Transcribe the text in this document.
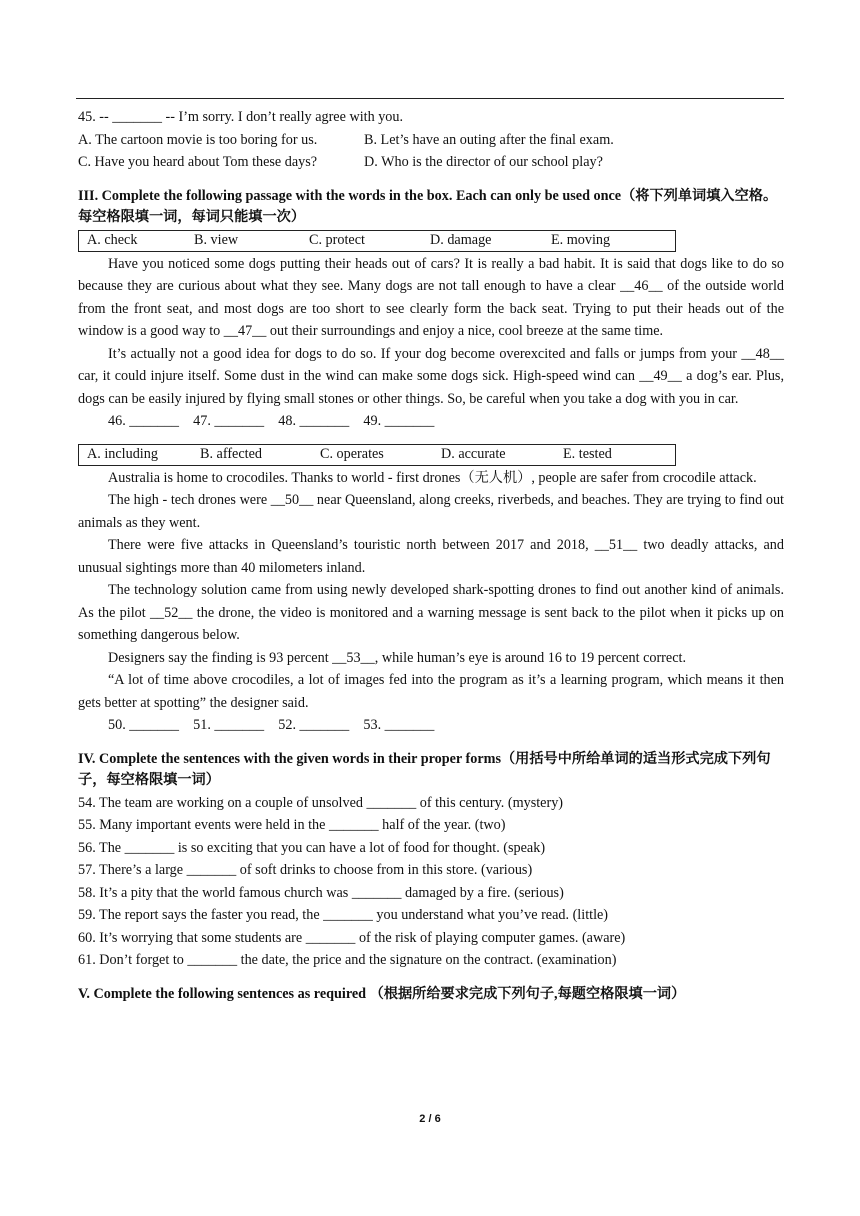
45. -- _______ -- I’m sorry. I don’t really agree with you.
A. The cartoon movie is too boring for us.	B. Let’s have an outing after the final exam.
C. Have you heard about Tom these days?	D. Who is the director of our school play?
III. Complete the following passage with the words in the box. Each can only be used once（将下列单词填入空格。每空格限填一词，每词只能填一次）
A. check	B. view	C. protect	D. damage	E. moving
Have you noticed some dogs putting their heads out of cars? It is really a bad habit. It is said that dogs like to do so because they are curious about what they see. Many dogs are not tall enough to have a clear __46__ of the outside world from the front seat, and most dogs are too short to see clearly form the back seat. Trying to put their heads out of the window is a good way to __47__ out their surroundings and enjoy a nice, cool breeze at the same time.
It’s actually not a good idea for dogs to do so. If your dog become overexcited and falls or jumps from your __48__ car, it could injure itself. Some dust in the wind can make some dogs sick. High-speed wind can __49__ a dog’s ear. Plus, dogs can be easily injured by flying small stones or other things. So, be careful when you take a dog with you in car.
46. _______    47. _______    48. _______    49. _______
A. including	B. affected	C. operates	D. accurate	E. tested
Australia is home to crocodiles. Thanks to world - first drones（无人机）, people are safer from crocodile attack.
The high - tech drones were __50__ near Queensland, along creeks, riverbeds, and beaches. They are trying to find out animals as they went.
There were five attacks in Queensland’s touristic north between 2017 and 2018, __51__ two deadly attacks, and unusual sightings more than 40 milometers inland.
The technology solution came from using newly developed shark-spotting drones to find out another kind of animals. As the pilot __52__ the drone, the video is monitored and a warning message is sent back to the pilot when it picks up on something dangerous below.
Designers say the finding is 93 percent __53__, while human’s eye is around 16 to 19 percent correct.
“A lot of time above crocodiles, a lot of images fed into the program as it’s a learning program, which means it then gets better at spotting” the designer said.
50. _______    51. _______    52. _______    53. _______
IV. Complete the sentences with the given words in their proper forms（用括号中所给单词的适当形式完成下列句子，每空格限填一词）
54. The team are working on a couple of unsolved _______ of this century. (mystery)
55. Many important events were held in the _______ half of the year. (two)
56. The _______ is so exciting that you can have a lot of food for thought. (speak)
57. There’s a large _______ of soft drinks to choose from in this store. (various)
58. It’s a pity that the world famous church was _______ damaged by a fire. (serious)
59. The report says the faster you read, the _______ you understand what you’ve read. (little)
60. It’s worrying that some students are _______ of the risk of playing computer games. (aware)
61. Don’t forget to _______ the date, the price and the signature on the contract. (examination)
V. Complete the following sentences as required （根据所给要求完成下列句子,每题空格限填一词）
2 / 6
